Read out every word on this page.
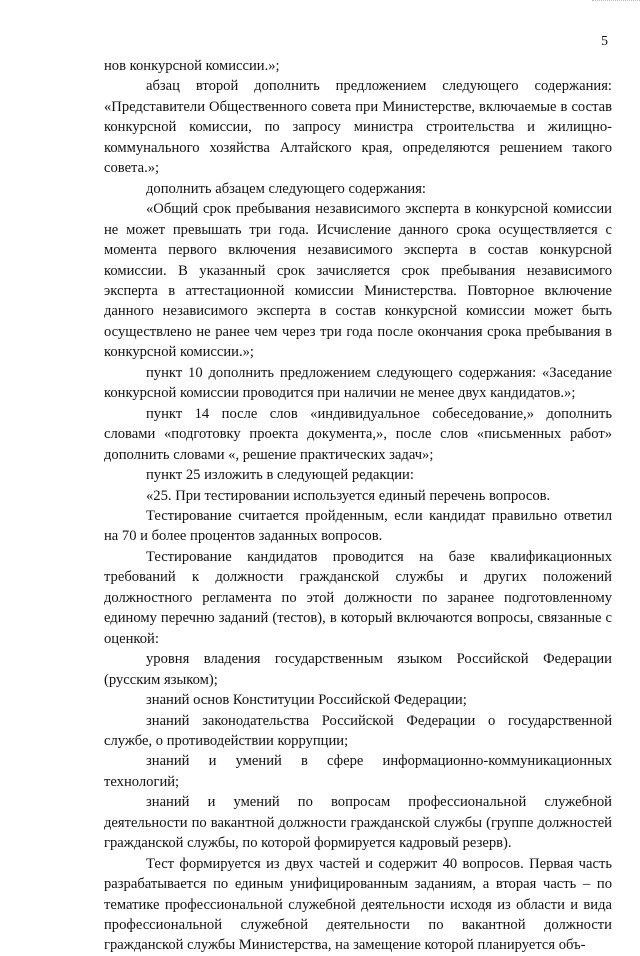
5

нов конкурсной комиссии.»;

абзац второй дополнить предложением следующего содержания: «Представители Общественного совета при Министерстве, включаемые в состав конкурсной комиссии, по запросу министра строительства и жилищно-коммунального хозяйства Алтайского края, определяются решением такого совета.»;

дополнить абзацем следующего содержания:

«Общий срок пребывания независимого эксперта в конкурсной комиссии не может превышать три года. Исчисление данного срока осуществляется с момента первого включения независимого эксперта в состав конкурсной комиссии. В указанный срок зачисляется срок пребывания независимого эксперта в аттестационной комиссии Министерства. Повторное включение данного независимого эксперта в состав конкурсной комиссии может быть осуществлено не ранее чем через три года после окончания срока пребывания в конкурсной комиссии.»;

пункт 10 дополнить предложением следующего содержания: «Заседание конкурсной комиссии проводится при наличии не менее двух кандидатов.»;

пункт 14 после слов «индивидуальное собеседование,» дополнить словами «подготовку проекта документа,», после слов «письменных работ» дополнить словами «, решение практических задач»;

пункт 25 изложить в следующей редакции:

«25. При тестировании используется единый перечень вопросов.

Тестирование считается пройденным, если кандидат правильно ответил на 70 и более процентов заданных вопросов.

Тестирование кандидатов проводится на базе квалификационных требований к должности гражданской службы и других положений должностного регламента по этой должности по заранее подготовленному единому перечню заданий (тестов), в который включаются вопросы, связанные с оценкой:

уровня владения государственным языком Российской Федерации (русским языком);

знаний основ Конституции Российской Федерации;

знаний законодательства Российской Федерации о государственной службе, о противодействии коррупции;

знаний и умений в сфере информационно-коммуникационных технологий;

знаний и умений по вопросам профессиональной служебной деятельности по вакантной должности гражданской службы (группе должностей гражданской службы, по которой формируется кадровый резерв).

Тест формируется из двух частей и содержит 40 вопросов. Первая часть разрабатывается по единым унифицированным заданиям, а вторая часть – по тематике профессиональной служебной деятельности исходя из области и вида профессиональной служебной деятельности по вакантной должности гражданской службы Министерства, на замещение которой планируется объ-
